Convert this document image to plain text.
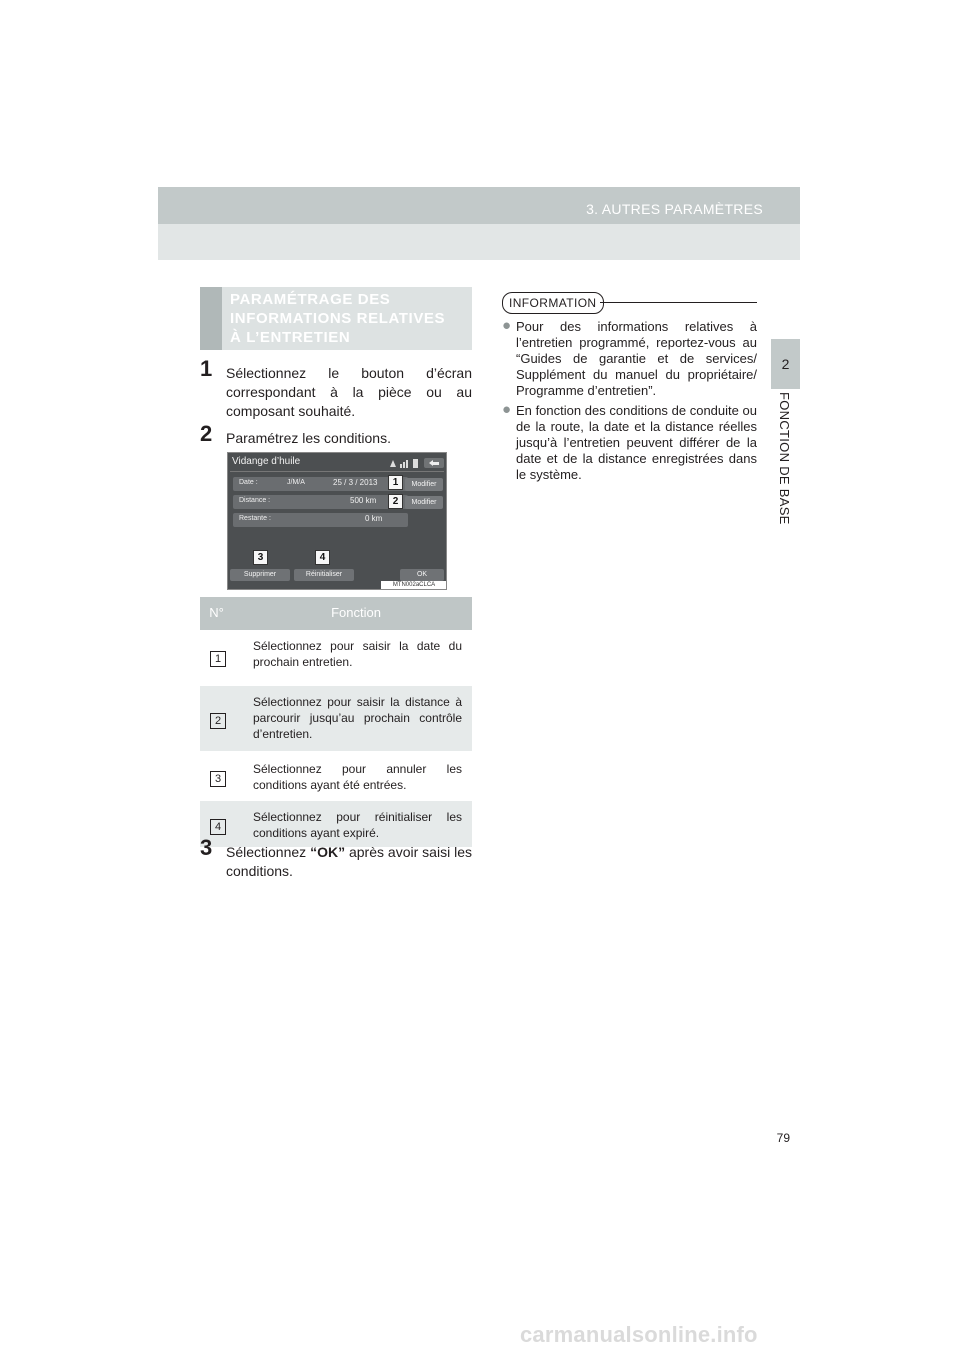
3. AUTRES PARAMÈTRES
2
FONCTION DE BASE
PARAMÉTRAGE DES
INFORMATIONS RELATIVES
À L’ENTRETIEN
1 Sélectionnez le bouton d’écran correspondant à la pièce ou au composant souhaité.
2 Paramétrez les conditions.
Vidange d’huile
Date :	J/M/A	25 / 3 / 2013	Modifier
Distance :	500 km	Modifier
Restante :	0 km
1
2
3	4
Supprimer	Réinitialiser	OK
MTN002aCLCA
N°	Fonction
1
Sélectionnez pour saisir la date du prochain entretien.
2
Sélectionnez pour saisir la distance à parcourir jusqu’au prochain contrôle d’entretien.
3
Sélectionnez pour annuler les conditions ayant été entrées.
4
Sélectionnez pour réinitialiser les conditions ayant expiré.
3 Sélectionnez “OK” après avoir saisi les conditions.
INFORMATION
● Pour des informations relatives à l’entretien programmé, reportez-vous au “Guides de garantie et de services/ Supplément du manuel du propriétaire/ Programme d’entretien”.
● En fonction des conditions de conduite ou de la route, la date et la distance réelles jusqu’à l’entretien peuvent différer de la date et de la distance enregistrées dans le système.
79
carmanualsonline.info
